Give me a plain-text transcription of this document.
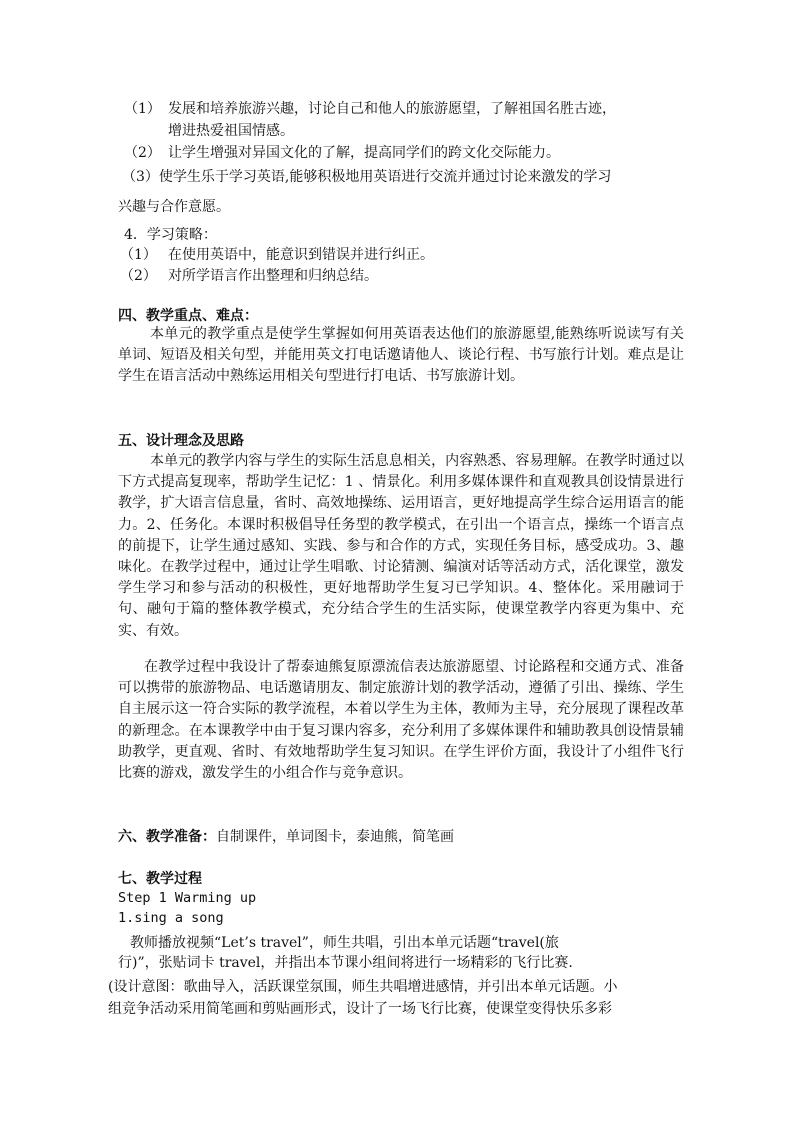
（1） 发展和培养旅游兴趣，讨论自己和他人的旅游愿望，了解祖国名胜古迹，
增进热爱祖国情感。
（2） 让学生增强对异国文化的了解，提高同学们的跨文化交际能力。
（3）使学生乐于学习英语,能够积极地用英语进行交流并通过讨论来激发的学习
兴趣与合作意愿。
4．学习策略：
（1） 在使用英语中，能意识到错误并进行纠正。
（2） 对所学语言作出整理和归纳总结。
四、教学重点、难点：
本单元的教学重点是使学生掌握如何用英语表达他们的旅游愿望,能熟练听说读写有关单词、短语及相关句型，并能用英文打电话邀请他人、谈论行程、书写旅行计划。难点是让学生在语言活动中熟练运用相关句型进行打电话、书写旅游计划。
五、设计理念及思路
本单元的教学内容与学生的实际生活息息相关，内容熟悉、容易理解。在教学时通过以下方式提高复现率，帮助学生记忆：1 、情景化。利用多媒体课件和直观教具创设情景进行教学，扩大语言信息量，省时、高效地操练、运用语言，更好地提高学生综合运用语言的能力。2、任务化。本课时积极倡导任务型的教学模式，在引出一个语言点，操练一个语言点的前提下，让学生通过感知、实践、参与和合作的方式，实现任务目标，感受成功。3、趣味化。在教学过程中，通过让学生唱歌、讨论猜测、编演对话等活动方式，活化课堂，激发学生学习和参与活动的积极性，更好地帮助学生复习已学知识。4、整体化。采用融词于句、融句于篇的整体教学模式，充分结合学生的生活实际，使课堂教学内容更为集中、充实、有效。
在教学过程中我设计了帮泰迪熊复原漂流信表达旅游愿望、讨论路程和交通方式、准备可以携带的旅游物品、电话邀请朋友、制定旅游计划的教学活动，遵循了引出、操练、学生自主展示这一符合实际的教学流程，本着以学生为主体，教师为主导，充分展现了课程改革的新理念。在本课教学中由于复习课内容多，充分利用了多媒体课件和辅助教具创设情景辅助教学，更直观、省时、有效地帮助学生复习知识。在学生评价方面，我设计了小组件飞行比赛的游戏，激发学生的小组合作与竞争意识。
六、教学准备：自制课件，单词图卡，泰迪熊，简笔画
七、教学过程
Step 1 Warming up
1.sing a song
教师播放视频“Let’s travel”，师生共唱，引出本单元话题“travel(旅
行)”，张贴词卡 travel，并指出本节课小组间将进行一场精彩的飞行比赛.
(设计意图：歌曲导入，活跃课堂氛围，师生共唱增进感情，并引出本单元话题。小
组竞争活动采用简笔画和剪贴画形式，设计了一场飞行比赛，使课堂变得快乐多彩
